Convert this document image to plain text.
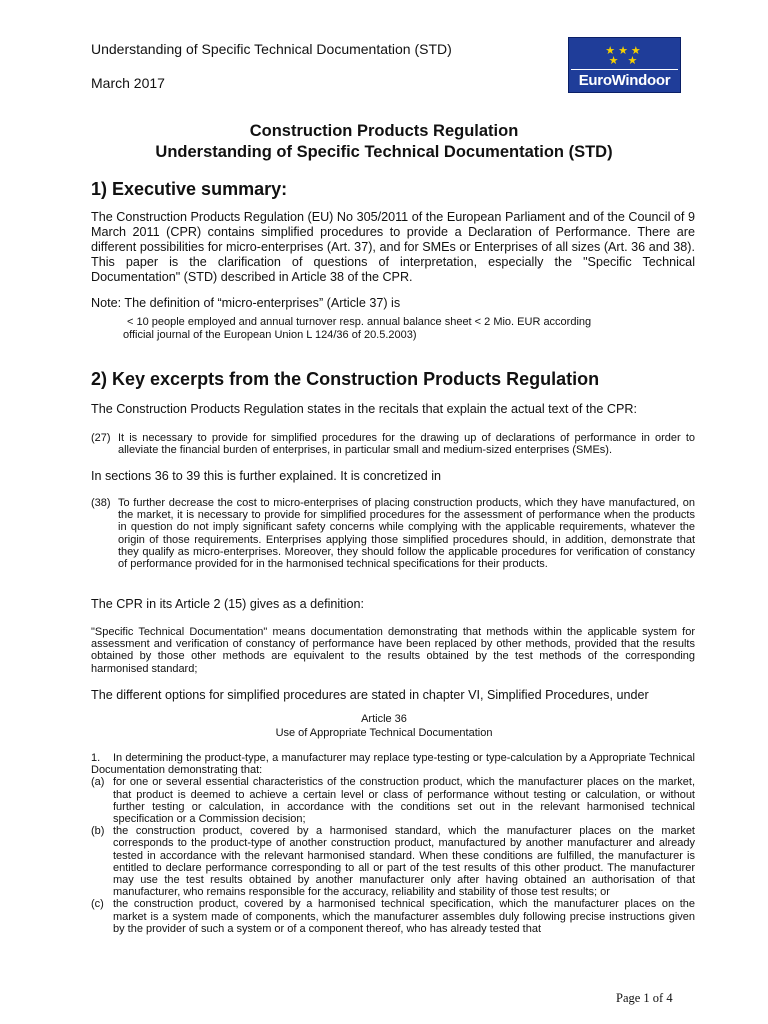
Understanding of Specific Technical Documentation (STD)
March 2017
★★★
★ ★
EuroWindoor
Construction Products Regulation
Understanding of Specific Technical Documentation (STD)
1) Executive summary:
The Construction Products Regulation (EU) No 305/2011 of the European Parliament and of the Council of 9 March 2011 (CPR) contains simplified procedures to provide a Declaration of Performance. There are different possibilities for micro-enterprises (Art. 37), and for SMEs or Enterprises of all sizes (Art. 36 and 38). This paper is the clarification of questions of interpretation, especially the "Specific Technical Documentation" (STD) described in Article 38 of the CPR.
Note: The definition of “micro-enterprises” (Article 37) is
< 10 people employed and annual turnover resp. annual balance sheet < 2 Mio. EUR according
official journal of the European Union L 124/36 of 20.5.2003)
2) Key excerpts from the Construction Products Regulation
The Construction Products Regulation states in the recitals that explain the actual text of the CPR:
(27) It is necessary to provide for simplified procedures for the drawing up of declarations of performance in order to alleviate the financial burden of enterprises, in particular small and medium-sized enterprises (SMEs).
In sections 36 to 39 this is further explained. It is concretized in
(38) To further decrease the cost to micro-enterprises of placing construction products, which they have manufactured, on the market, it is necessary to provide for simplified procedures for the assessment of performance when the products in question do not imply significant safety concerns while complying with the applicable requirements, whatever the origin of those requirements. Enterprises applying those simplified procedures should, in addition, demonstrate that they qualify as micro-enterprises. Moreover, they should follow the applicable procedures for verification of constancy of performance provided for in the harmonised technical specifications for their products.
The CPR in its Article 2 (15) gives as a definition:
"Specific Technical Documentation" means documentation demonstrating that methods within the applicable system for assessment and verification of constancy of performance have been replaced by other methods, provided that the results obtained by those other methods are equivalent to the results obtained by the test methods of the corresponding harmonised standard;
The different options for simplified procedures are stated in chapter VI, Simplified Procedures, under
Article 36
Use of Appropriate Technical Documentation
1.	In determining the product-type, a manufacturer may replace type-testing or type-calculation by a Appropriate Technical Documentation demonstrating that:
(a) for one or several essential characteristics of the construction product, which the manufacturer places on the market, that product is deemed to achieve a certain level or class of performance without testing or calculation, or without further testing or calculation, in accordance with the conditions set out in the relevant harmonised technical specification or a Commission decision;
(b) the construction product, covered by a harmonised standard, which the manufacturer places on the market corresponds to the product-type of another construction product, manufactured by another manufacturer and already tested in accordance with the relevant harmonised standard. When these conditions are fulfilled, the manufacturer is entitled to declare performance corresponding to all or part of the test results of this other product. The manufacturer may use the test results obtained by another manufacturer only after having obtained an authorisation of that manufacturer, who remains responsible for the accuracy, reliability and stability of those test results; or
(c) the construction product, covered by a harmonised technical specification, which the manufacturer places on the market is a system made of components, which the manufacturer assembles duly following precise instructions given by the provider of such a system or of a component thereof, who has already tested that
Page 1 of 4
